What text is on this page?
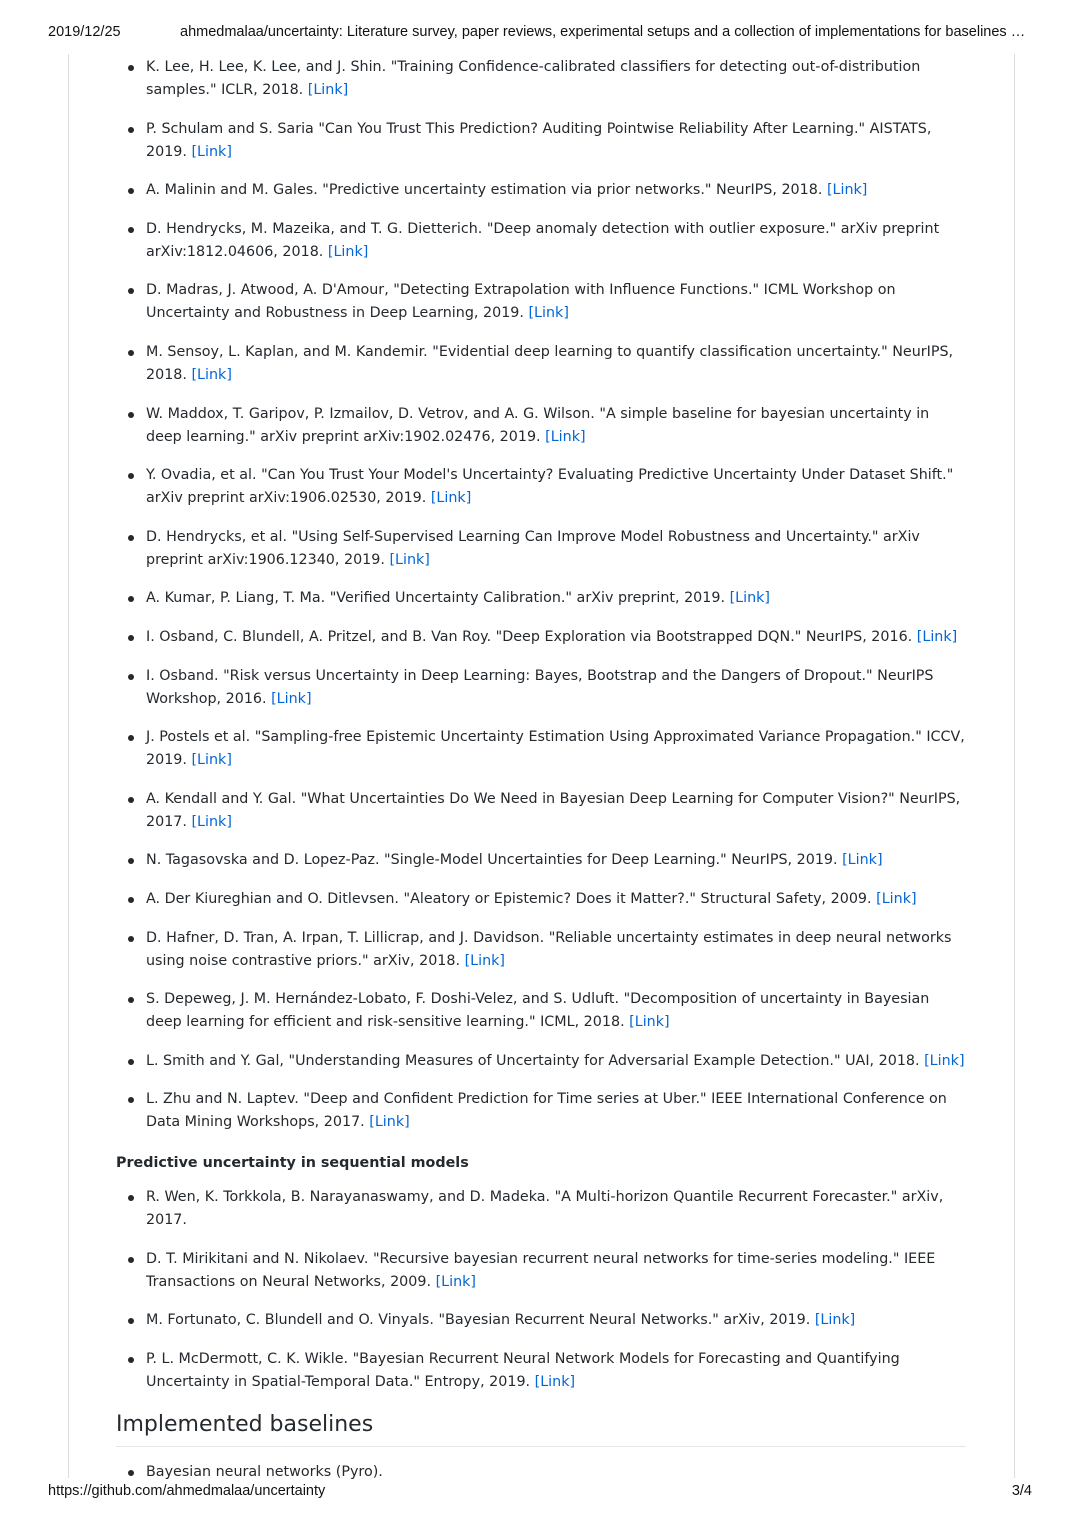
2019/12/25	ahmedmalaa/uncertainty: Literature survey, paper reviews, experimental setups and a collection of implementations for baselines …
K. Lee, H. Lee, K. Lee, and J. Shin. "Training Confidence-calibrated classifiers for detecting out-of-distribution samples." ICLR, 2018. [Link]
P. Schulam and S. Saria "Can You Trust This Prediction? Auditing Pointwise Reliability After Learning." AISTATS, 2019. [Link]
A. Malinin and M. Gales. "Predictive uncertainty estimation via prior networks." NeurIPS, 2018. [Link]
D. Hendrycks, M. Mazeika, and T. G. Dietterich. "Deep anomaly detection with outlier exposure." arXiv preprint arXiv:1812.04606, 2018. [Link]
D. Madras, J. Atwood, A. D'Amour, "Detecting Extrapolation with Influence Functions." ICML Workshop on Uncertainty and Robustness in Deep Learning, 2019. [Link]
M. Sensoy, L. Kaplan, and M. Kandemir. "Evidential deep learning to quantify classification uncertainty." NeurIPS, 2018. [Link]
W. Maddox, T. Garipov, P. Izmailov, D. Vetrov, and A. G. Wilson. "A simple baseline for bayesian uncertainty in deep learning." arXiv preprint arXiv:1902.02476, 2019. [Link]
Y. Ovadia, et al. "Can You Trust Your Model's Uncertainty? Evaluating Predictive Uncertainty Under Dataset Shift." arXiv preprint arXiv:1906.02530, 2019. [Link]
D. Hendrycks, et al. "Using Self-Supervised Learning Can Improve Model Robustness and Uncertainty." arXiv preprint arXiv:1906.12340, 2019. [Link]
A. Kumar, P. Liang, T. Ma. "Verified Uncertainty Calibration." arXiv preprint, 2019. [Link]
I. Osband, C. Blundell, A. Pritzel, and B. Van Roy. "Deep Exploration via Bootstrapped DQN." NeurIPS, 2016. [Link]
I. Osband. "Risk versus Uncertainty in Deep Learning: Bayes, Bootstrap and the Dangers of Dropout." NeurIPS Workshop, 2016. [Link]
J. Postels et al. "Sampling-free Epistemic Uncertainty Estimation Using Approximated Variance Propagation." ICCV, 2019. [Link]
A. Kendall and Y. Gal. "What Uncertainties Do We Need in Bayesian Deep Learning for Computer Vision?" NeurIPS, 2017. [Link]
N. Tagasovska and D. Lopez-Paz. "Single-Model Uncertainties for Deep Learning." NeurIPS, 2019. [Link]
A. Der Kiureghian and O. Ditlevsen. "Aleatory or Epistemic? Does it Matter?." Structural Safety, 2009. [Link]
D. Hafner, D. Tran, A. Irpan, T. Lillicrap, and J. Davidson. "Reliable uncertainty estimates in deep neural networks using noise contrastive priors." arXiv, 2018. [Link]
S. Depeweg, J. M. Hernández-Lobato, F. Doshi-Velez, and S. Udluft. "Decomposition of uncertainty in Bayesian deep learning for efficient and risk-sensitive learning." ICML, 2018. [Link]
L. Smith and Y. Gal, "Understanding Measures of Uncertainty for Adversarial Example Detection." UAI, 2018. [Link]
L. Zhu and N. Laptev. "Deep and Confident Prediction for Time series at Uber." IEEE International Conference on Data Mining Workshops, 2017. [Link]
Predictive uncertainty in sequential models
R. Wen, K. Torkkola, B. Narayanaswamy, and D. Madeka. "A Multi-horizon Quantile Recurrent Forecaster." arXiv, 2017.
D. T. Mirikitani and N. Nikolaev. "Recursive bayesian recurrent neural networks for time-series modeling." IEEE Transactions on Neural Networks, 2009. [Link]
M. Fortunato, C. Blundell and O. Vinyals. "Bayesian Recurrent Neural Networks." arXiv, 2019. [Link]
P. L. McDermott, C. K. Wikle. "Bayesian Recurrent Neural Network Models for Forecasting and Quantifying Uncertainty in Spatial-Temporal Data." Entropy, 2019. [Link]
Implemented baselines
Bayesian neural networks (Pyro).
https://github.com/ahmedmalaa/uncertainty	3/4
